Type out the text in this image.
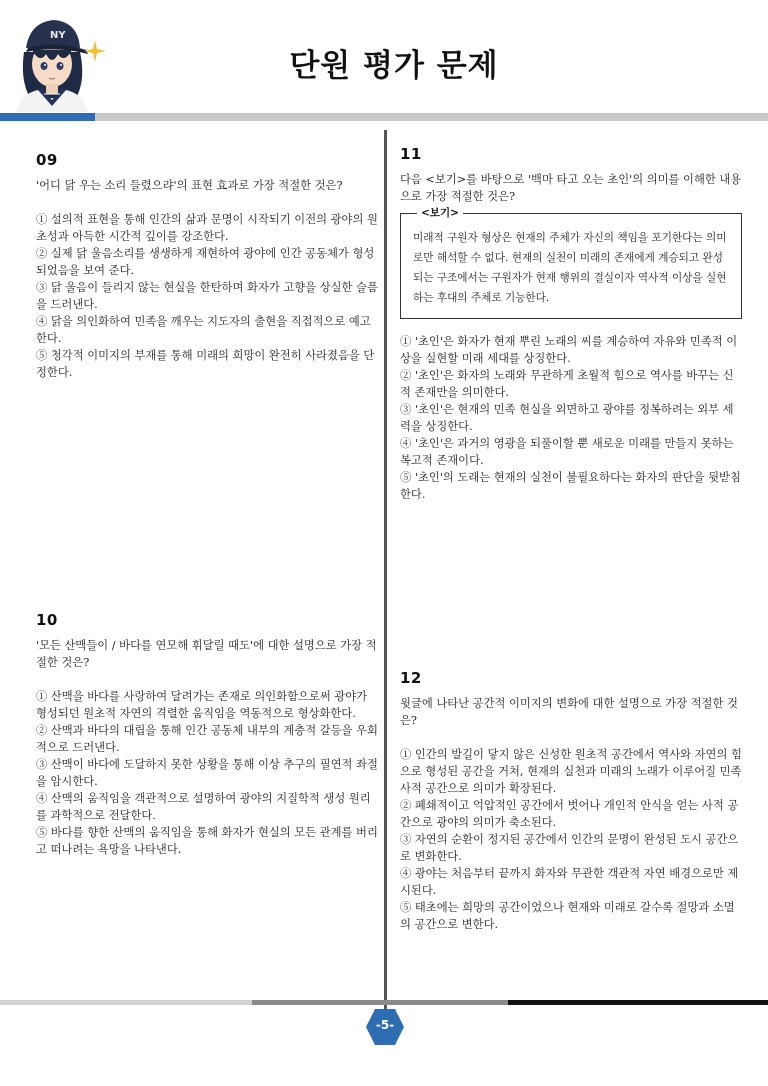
NY
단원 평가 문제
09
'어디 닭 우는 소리 들렸으랴'의 표현 효과로 가장 적절한 것은?
① 설의적 표현을 통해 인간의 삶과 문명이 시작되기 이전의 광야의 원초성과 아득한 시간적 깊이를 강조한다.
② 실제 닭 울음소리를 생생하게 재현하여 광야에 인간 공동체가 형성되었음을 보여 준다.
③ 닭 울음이 들리지 않는 현실을 한탄하며 화자가 고향을 상실한 슬픔을 드러낸다.
④ 닭을 의인화하여 민족을 깨우는 지도자의 출현을 직접적으로 예고한다.
⑤ 청각적 이미지의 부재를 통해 미래의 희망이 완전히 사라졌음을 단정한다.
10
'모든 산맥들이 / 바다를 연모해 휘달릴 때도'에 대한 설명으로 가장 적절한 것은?
① 산맥을 바다를 사랑하여 달려가는 존재로 의인화함으로써 광야가 형성되던 원초적 자연의 격렬한 움직임을 역동적으로 형상화한다.
② 산맥과 바다의 대립을 통해 인간 공동체 내부의 계층적 갈등을 우회적으로 드러낸다.
③ 산맥이 바다에 도달하지 못한 상황을 통해 이상 추구의 필연적 좌절을 암시한다.
④ 산맥의 움직임을 객관적으로 설명하여 광야의 지질학적 생성 원리를 과학적으로 전달한다.
⑤ 바다를 향한 산맥의 움직임을 통해 화자가 현실의 모든 관계를 버리고 떠나려는 욕망을 나타낸다.
11
다음 <보기>를 바탕으로 '백마 타고 오는 초인'의 의미를 이해한 내용으로 가장 적절한 것은?
<보기>
미래적 구원자 형상은 현재의 주체가 자신의 책임을 포기한다는 의미로만 해석할 수 없다. 현재의 실천이 미래의 존재에게 계승되고 완성되는 구조에서는 구원자가 현재 행위의 결실이자 역사적 이상을 실현하는 후대의 주체로 기능한다.
① '초인'은 화자가 현재 뿌린 노래의 씨를 계승하여 자유와 민족적 이상을 실현할 미래 세대를 상징한다.
② '초인'은 화자의 노래와 무관하게 초월적 힘으로 역사를 바꾸는 신적 존재만을 의미한다.
③ '초인'은 현재의 민족 현실을 외면하고 광야를 정복하려는 외부 세력을 상징한다.
④ '초인'은 과거의 영광을 되풀이할 뿐 새로운 미래를 만들지 못하는 복고적 존재이다.
⑤ '초인'의 도래는 현재의 실천이 불필요하다는 화자의 판단을 뒷받침한다.
12
윗글에 나타난 공간적 이미지의 변화에 대한 설명으로 가장 적절한 것은?
① 인간의 발길이 닿지 않은 신성한 원초적 공간에서 역사와 자연의 힘으로 형성된 공간을 거쳐, 현재의 실천과 미래의 노래가 이루어질 민족사적 공간으로 의미가 확장된다.
② 폐쇄적이고 억압적인 공간에서 벗어나 개인적 안식을 얻는 사적 공간으로 광야의 의미가 축소된다.
③ 자연의 순환이 정지된 공간에서 인간의 문명이 완성된 도시 공간으로 변화한다.
④ 광야는 처음부터 끝까지 화자와 무관한 객관적 자연 배경으로만 제시된다.
⑤ 태초에는 희망의 공간이었으나 현재와 미래로 갈수록 절망과 소멸의 공간으로 변한다.
-5-
